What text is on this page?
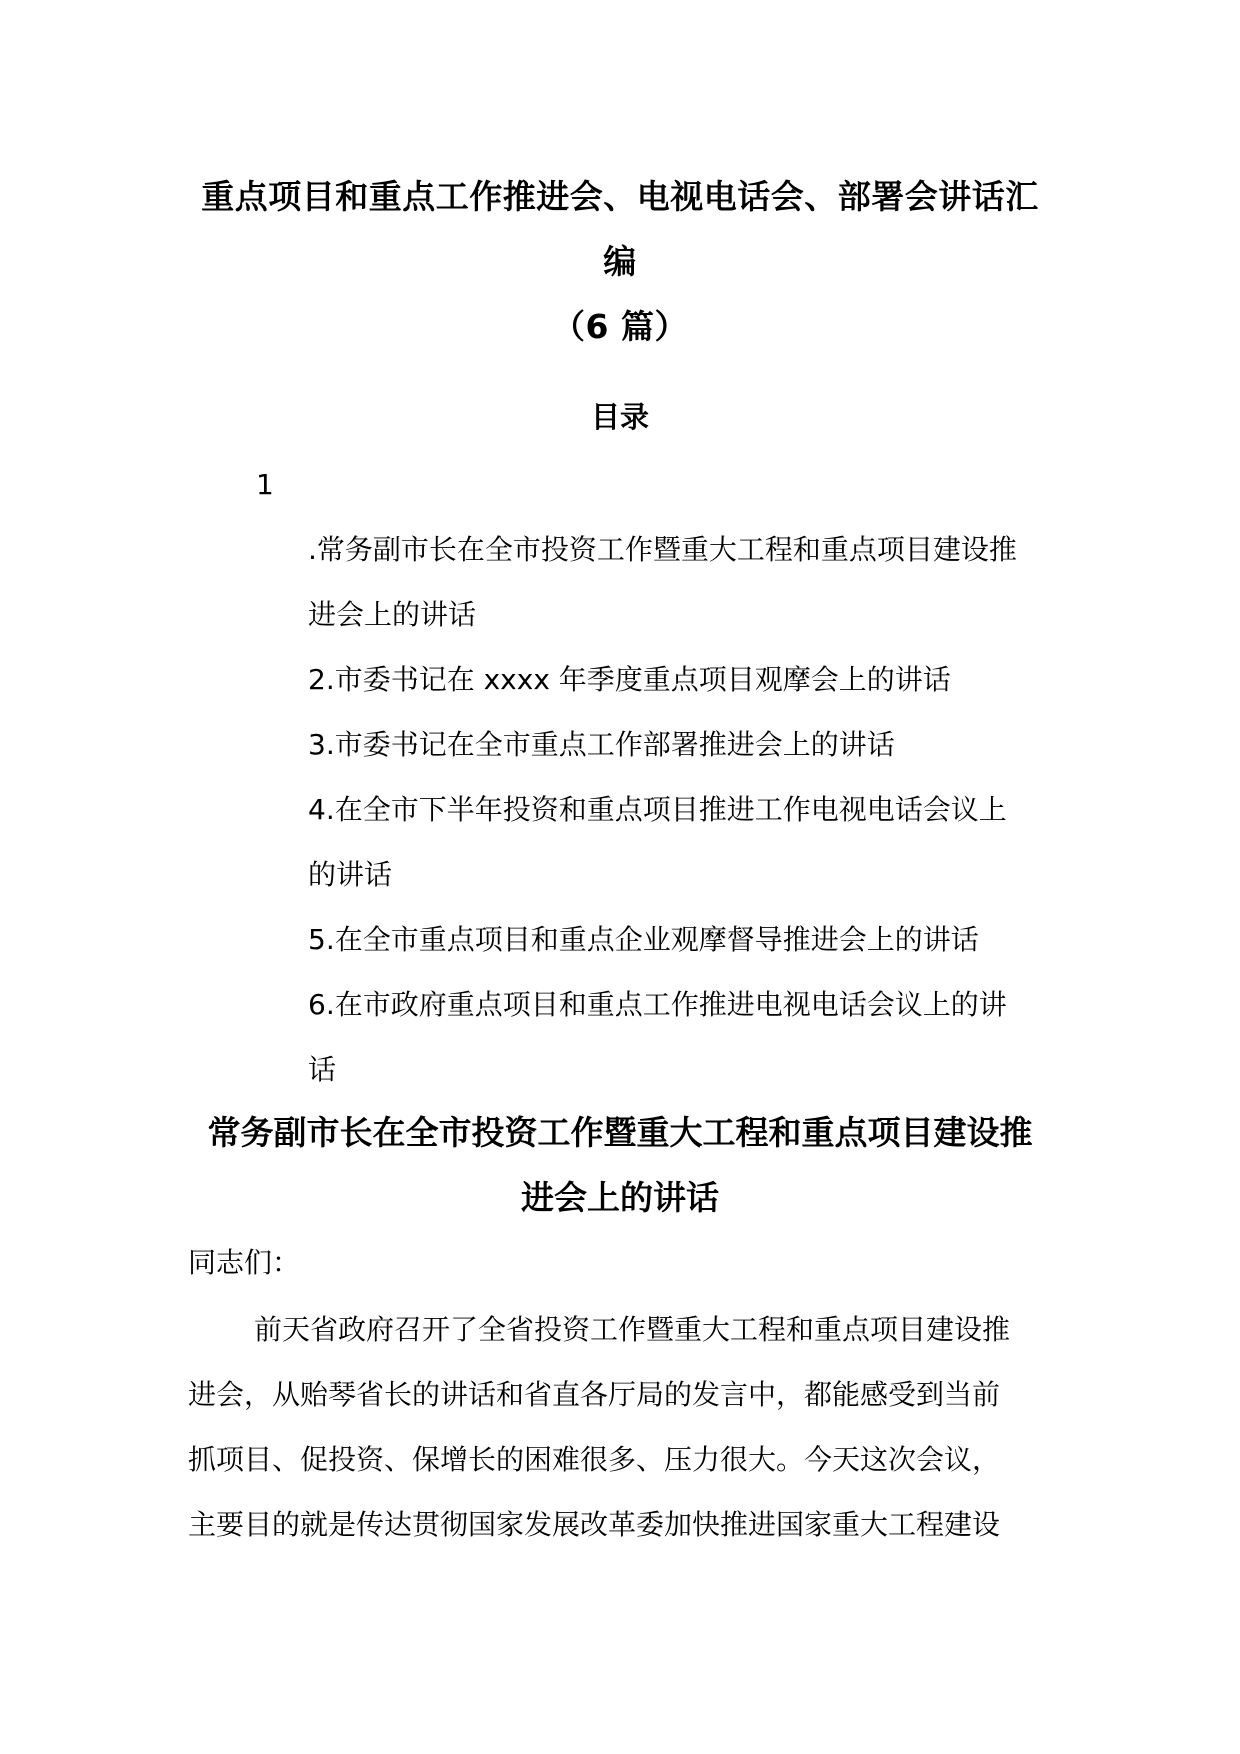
重点项目和重点工作推进会、电视电话会、部署会讲话汇
编
（6 篇）
目录
1
.常务副市长在全市投资工作暨重大工程和重点项目建设推
进会上的讲话
2.市委书记在 xxxx 年季度重点项目观摩会上的讲话
3.市委书记在全市重点工作部署推进会上的讲话
4.在全市下半年投资和重点项目推进工作电视电话会议上
的讲话
5.在全市重点项目和重点企业观摩督导推进会上的讲话
6.在市政府重点项目和重点工作推进电视电话会议上的讲
话
常务副市长在全市投资工作暨重大工程和重点项目建设推
进会上的讲话
同志们：
前天省政府召开了全省投资工作暨重大工程和重点项目建设推
进会，从贻琴省长的讲话和省直各厅局的发言中，都能感受到当前
抓项目、促投资、保增长的困难很多、压力很大。今天这次会议，
主要目的就是传达贯彻国家发展改革委加快推进国家重大工程建设
